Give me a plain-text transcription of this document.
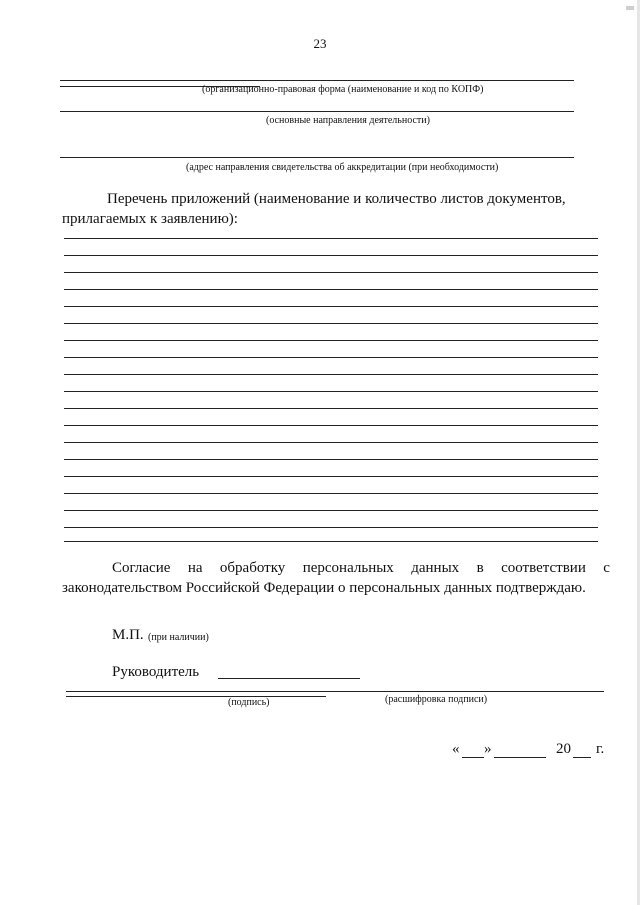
23
(организационно-правовая форма (наименование и код по КОПФ)
(основные направления деятельности)
(адрес направления свидетельства об аккредитации (при необходимости)
Перечень приложений (наименование и количество листов документов,
прилагаемых к заявлению):
Согласие на обработку персональных данных в соответствии с
законодательством Российской Федерации о персональных данных подтверждаю.
М.П. (при наличии)
Руководитель
(подпись)	(расшифровка подписи)
« »	20 г.
